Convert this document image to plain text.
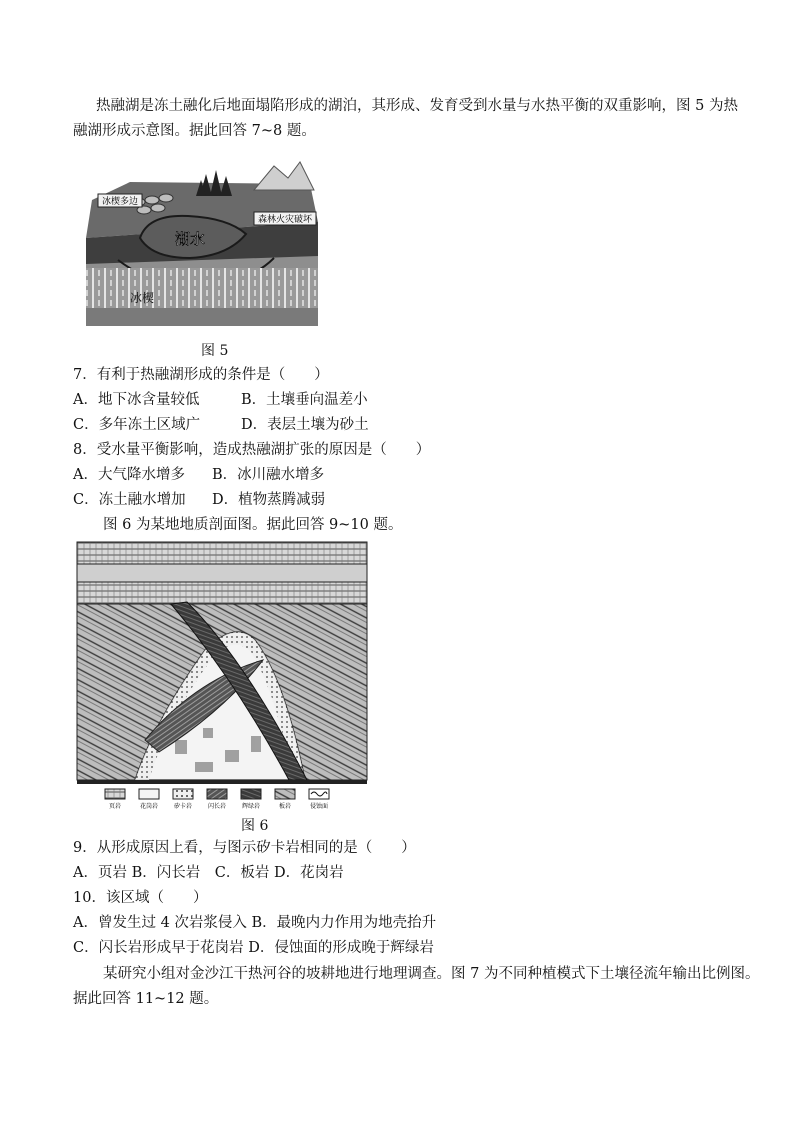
热融湖是冻土融化后地面塌陷形成的湖泊，其形成、发育受到水量与水热平衡的双重影响，图 5 为热
融湖形成示意图。据此回答 7~8 题。
冰楔多边
森林火灾破坏
湖水
冰楔
图 5
7．有利于热融湖形成的条件是（　　）
A．地下冰含量较低	B．土壤垂向温差小
C．多年冻土区域广	D．表层土壤为砂土
8．受水量平衡影响，造成热融湖扩张的原因是（　　）
A．大气降水增多 B．冰川融水增多
C．冻土融水增加 D．植物蒸腾减弱
图 6 为某地地质剖面图。据此回答 9~10 题。
页岩	花岗岩	矽卡岩	闪长岩	辉绿岩	板岩	侵蚀面
图 6
9．从形成原因上看，与图示矽卡岩相同的是（　　）
A．页岩 B．闪长岩　C．板岩 D．花岗岩
10．该区域（　　）
A．曾发生过 4 次岩浆侵入 B．最晚内力作用为地壳抬升
C．闪长岩形成早于花岗岩 D．侵蚀面的形成晚于辉绿岩
某研究小组对金沙江干热河谷的坡耕地进行地理调查。图 7 为不同种植模式下土壤径流年输出比例图。
据此回答 11~12 题。
